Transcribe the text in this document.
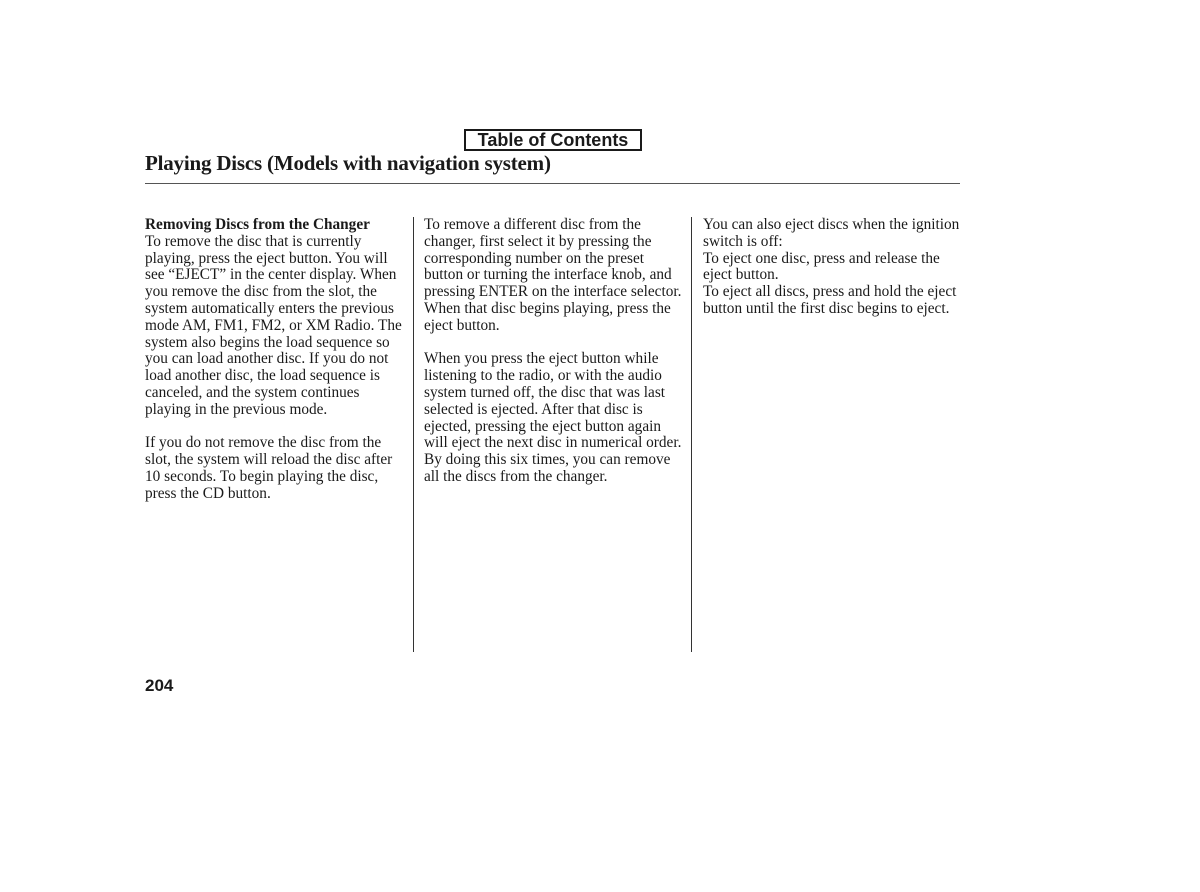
Table of Contents
Playing Discs (Models with navigation system)

Removing Discs from the Changer

To remove the disc that is currently playing, press the eject button. You will see “EJECT” in the center display. When you remove the disc from the slot, the system automatically enters the previous mode AM, FM1, FM2, or XM Radio. The system also begins the load sequence so you can load another disc. If you do not load another disc, the load sequence is canceled, and the system continues playing in the previous mode.

If you do not remove the disc from the slot, the system will reload the disc after 10 seconds. To begin playing the disc, press the CD button.

To remove a different disc from the changer, first select it by pressing the corresponding number on the preset button or turning the interface knob, and pressing ENTER on the interface selector. When that disc begins playing, press the eject button.

When you press the eject button while listening to the radio, or with the audio system turned off, the disc that was last selected is ejected. After that disc is ejected, pressing the eject button again will eject the next disc in numerical order. By doing this six times, you can remove all the discs from the changer.

You can also eject discs when the ignition switch is off:

To eject one disc, press and release the eject button.

To eject all discs, press and hold the eject button until the first disc begins to eject.

204
